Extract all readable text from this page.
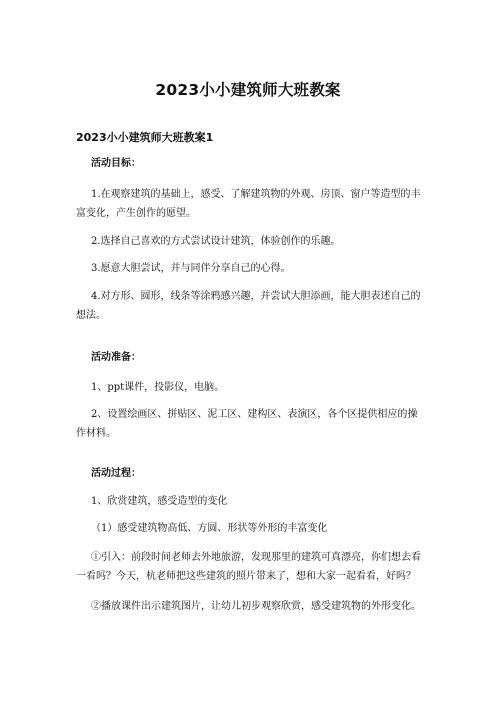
2023小小建筑师大班教案
2023小小建筑师大班教案1
活动目标：

1.在观察建筑的基础上，感受、了解建筑物的外观、房顶、窗户等造型的丰富变化，产生创作的愿望。

2.选择自己喜欢的方式尝试设计建筑，体验创作的乐趣。

3.愿意大胆尝试，并与同伴分享自己的心得。

4.对方形、圆形，线条等涂鸦感兴趣，并尝试大胆添画，能大胆表述自己的想法。

活动准备：

1、ppt课件，投影仪，电脑。

2、设置绘画区、拼贴区、泥工区、建构区、表演区，各个区提供相应的操作材料。

活动过程：

1、欣赏建筑，感受造型的变化

（1）感受建筑物高低、方圆、形状等外形的丰富变化

①引入：前段时间老师去外地旅游，发现那里的建筑可真漂亮，你们想去看一看吗？今天，杭老师把这些建筑的照片带来了，想和大家一起看看，好吗？

②播放课件出示建筑图片，让幼儿初步观察欣赏，感受建筑物的外形变化。
